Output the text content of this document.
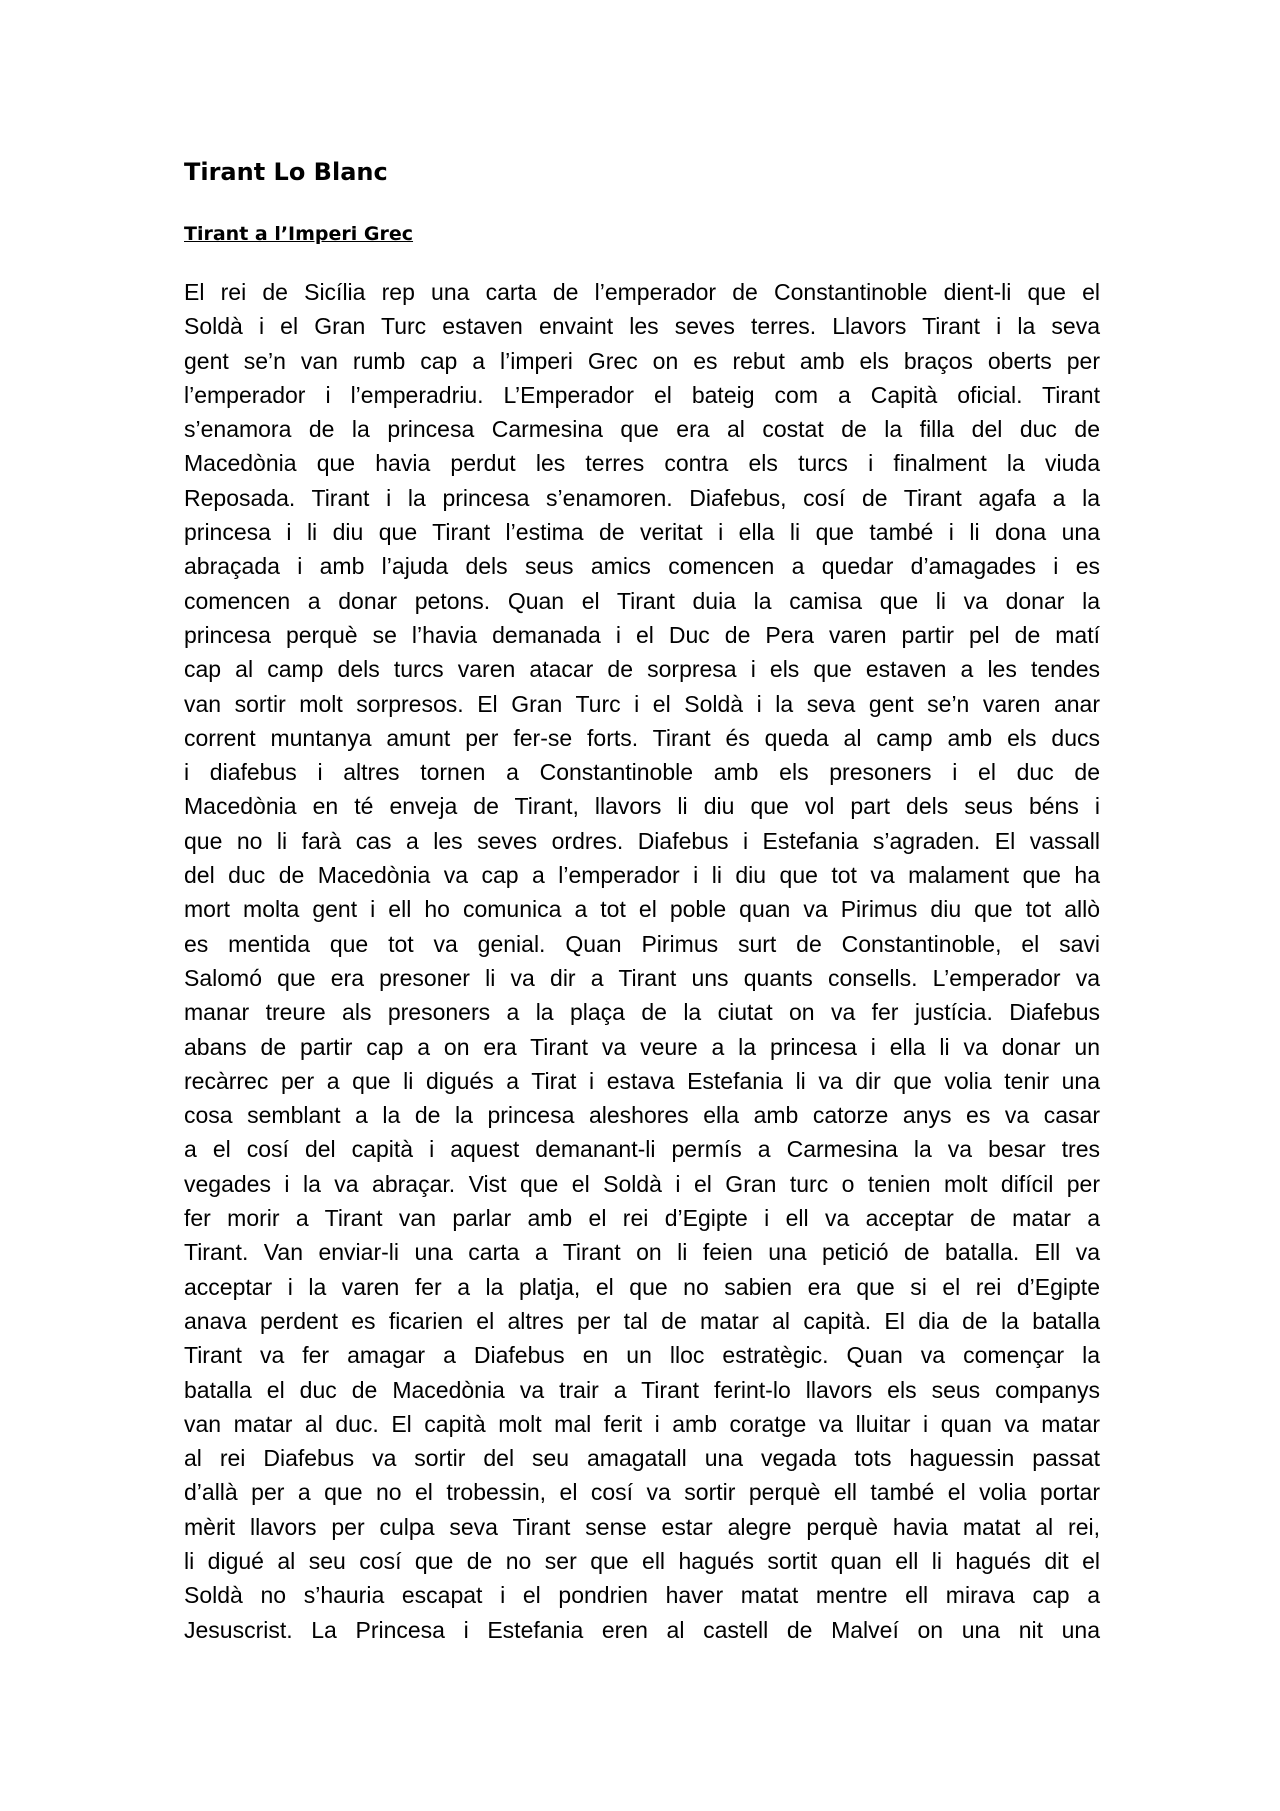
Tirant Lo Blanc
Tirant a l’Imperi Grec
El rei de Sicília rep una carta de l’emperador de Constantinoble dient-li que el
Soldà i el Gran Turc estaven envaint les seves terres. Llavors Tirant i la seva
gent se’n van rumb cap a l’imperi Grec on es rebut amb els braços oberts per
l’emperador i l’emperadriu. L’Emperador el bateig com a Capità oficial. Tirant
s’enamora de la princesa Carmesina que era al costat de la filla del duc de
Macedònia que havia perdut les terres contra els turcs i finalment la viuda
Reposada. Tirant i la princesa s’enamoren. Diafebus, cosí de Tirant agafa a la
princesa i li diu que Tirant l’estima de veritat i ella li que també i li dona una
abraçada i amb l’ajuda dels seus amics comencen a quedar d’amagades i es
comencen a donar petons. Quan el Tirant duia la camisa que li va donar la
princesa perquè se l’havia demanada i el Duc de Pera varen partir pel de matí
cap al camp dels turcs varen atacar de sorpresa i els que estaven a les tendes
van sortir molt sorpresos. El Gran Turc i el Soldà i la seva gent se’n varen anar
corrent muntanya amunt per fer-se forts. Tirant és queda al camp amb els ducs
i diafebus i altres tornen a Constantinoble amb els presoners i el duc de
Macedònia en té enveja de Tirant, llavors li diu que vol part dels seus béns i
que no li farà cas a les seves ordres. Diafebus i Estefania s’agraden. El vassall
del duc de Macedònia va cap a l’emperador i li diu que tot va malament que ha
mort molta gent i ell ho comunica a tot el poble quan va Pirimus diu que tot allò
es mentida que tot va genial. Quan Pirimus surt de Constantinoble, el savi
Salomó que era presoner li va dir a Tirant uns quants consells. L’emperador va
manar treure als presoners a la plaça de la ciutat on va fer justícia. Diafebus
abans de partir cap a on era Tirant va veure a la princesa i ella li va donar un
recàrrec per a que li digués a Tirat i estava Estefania li va dir que volia tenir una
cosa semblant a la de la princesa aleshores ella amb catorze anys es va casar
a el cosí del capità i aquest demanant-li permís a Carmesina la va besar tres
vegades i la va abraçar. Vist que el Soldà i el Gran turc o tenien molt difícil per
fer morir a Tirant van parlar amb el rei d’Egipte i ell va acceptar de matar a
Tirant. Van enviar-li una carta a Tirant on li feien una petició de batalla. Ell va
acceptar i la varen fer a la platja, el que no sabien era que si el rei d’Egipte
anava perdent es ficarien el altres per tal de matar al capità. El dia de la batalla
Tirant va fer amagar a Diafebus en un lloc estratègic. Quan va començar la
batalla el duc de Macedònia va trair a Tirant ferint-lo llavors els seus companys
van matar al duc. El capità molt mal ferit i amb coratge va lluitar i quan va matar
al rei Diafebus va sortir del seu amagatall una vegada tots haguessin passat
d’allà per a que no el trobessin, el cosí va sortir perquè ell també el volia portar
mèrit llavors per culpa seva Tirant sense estar alegre perquè havia matat al rei,
li digué al seu cosí que de no ser que ell hagués sortit quan ell li hagués dit el
Soldà no s’hauria escapat i el pondrien haver matat mentre ell mirava cap a
Jesuscrist. La Princesa i Estefania eren al castell de Malveí on una nit una
